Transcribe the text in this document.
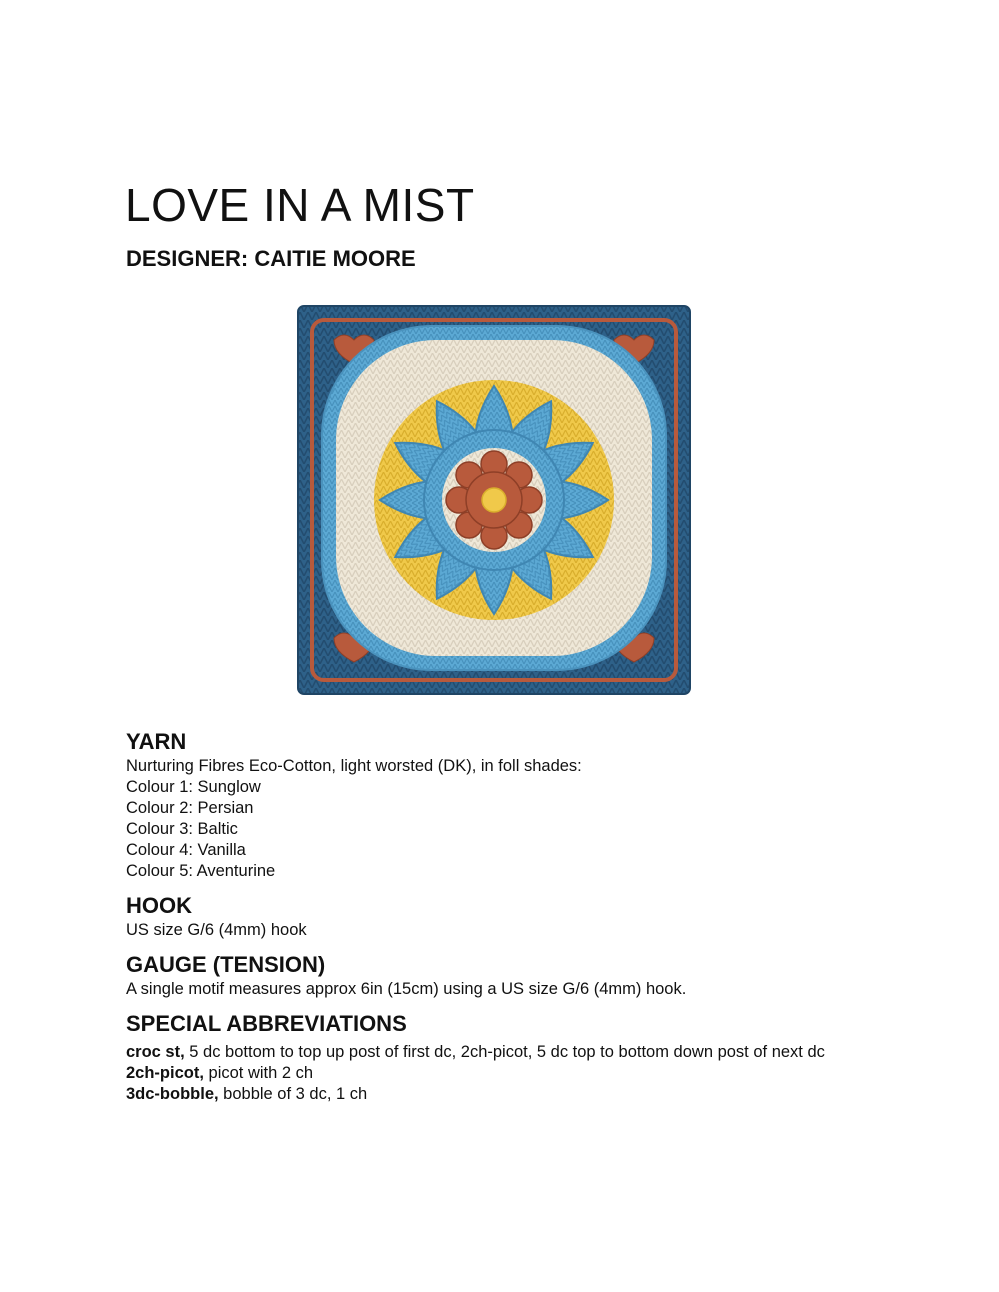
LOVE IN A MIST
DESIGNER: CAITIE MOORE
YARN

Nurturing Fibres Eco-Cotton, light worsted (DK), in foll shades:

Colour 1: Sunglow

Colour 2: Persian

Colour 3: Baltic

Colour 4: Vanilla

Colour 5: Aventurine

HOOK

US size G/6 (4mm) hook

GAUGE (TENSION)

A single motif measures approx 6in (15cm) using a US size G/6 (4mm) hook.

SPECIAL ABBREVIATIONS

croc st, 5 dc bottom to top up post of first dc, 2ch-picot, 5 dc top to bottom down post of next dc

2ch-picot, picot with 2 ch

3dc-bobble, bobble of 3 dc, 1 ch
